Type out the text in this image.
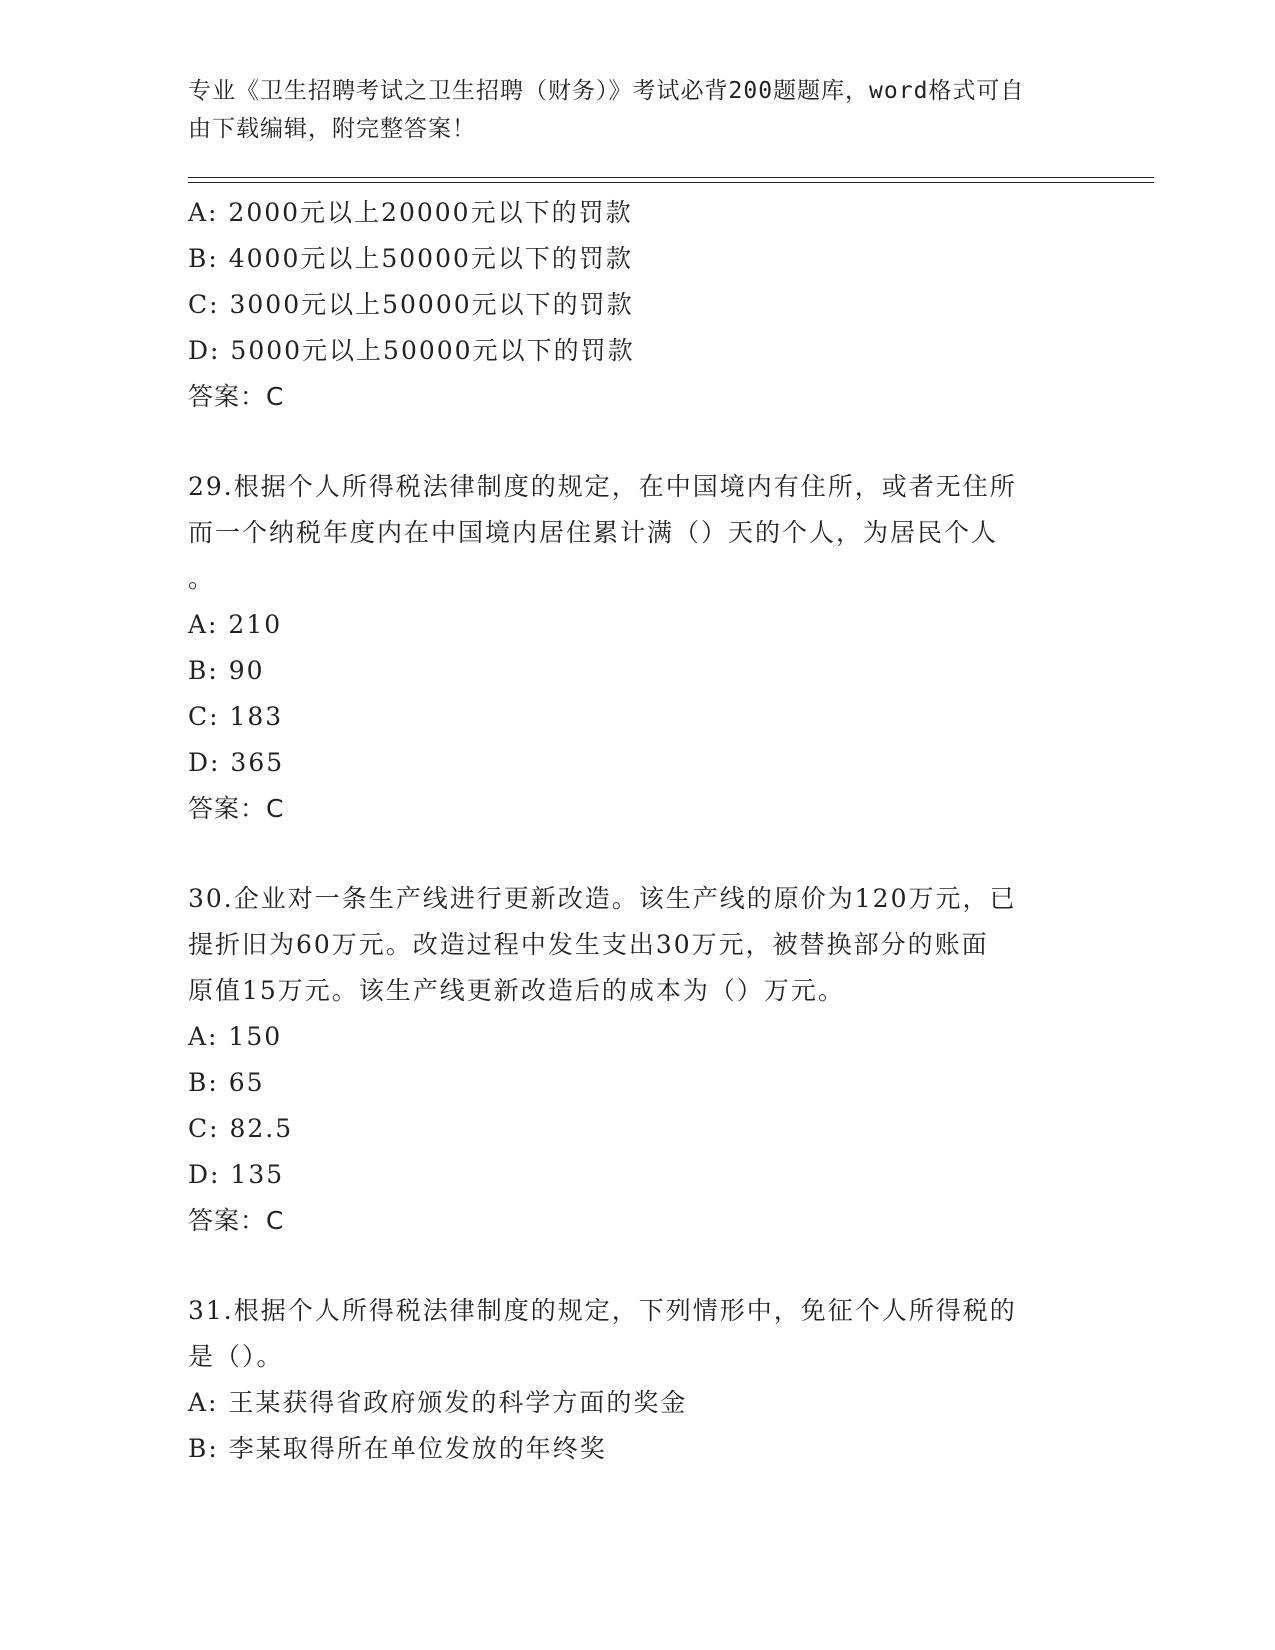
专业《卫生招聘考试之卫生招聘（财务）》考试必背200题题库，word格式可自
由下载编辑，附完整答案！
A: 2000元以上20000元以下的罚款
B: 4000元以上50000元以下的罚款
C: 3000元以上50000元以下的罚款
D: 5000元以上50000元以下的罚款
答案：C
29.根据个人所得税法律制度的规定，在中国境内有住所，或者无住所
而一个纳税年度内在中国境内居住累计满（）天的个人，为居民个人
。
A: 210
B: 90
C: 183
D: 365
答案：C
30.企业对一条生产线进行更新改造。该生产线的原价为120万元，已
提折旧为60万元。改造过程中发生支出30万元，被替换部分的账面
原值15万元。该生产线更新改造后的成本为（）万元。
A: 150
B: 65
C: 82.5
D: 135
答案：C
31.根据个人所得税法律制度的规定，下列情形中，免征个人所得税的
是（）。
A: 王某获得省政府颁发的科学方面的奖金
B: 李某取得所在单位发放的年终奖
